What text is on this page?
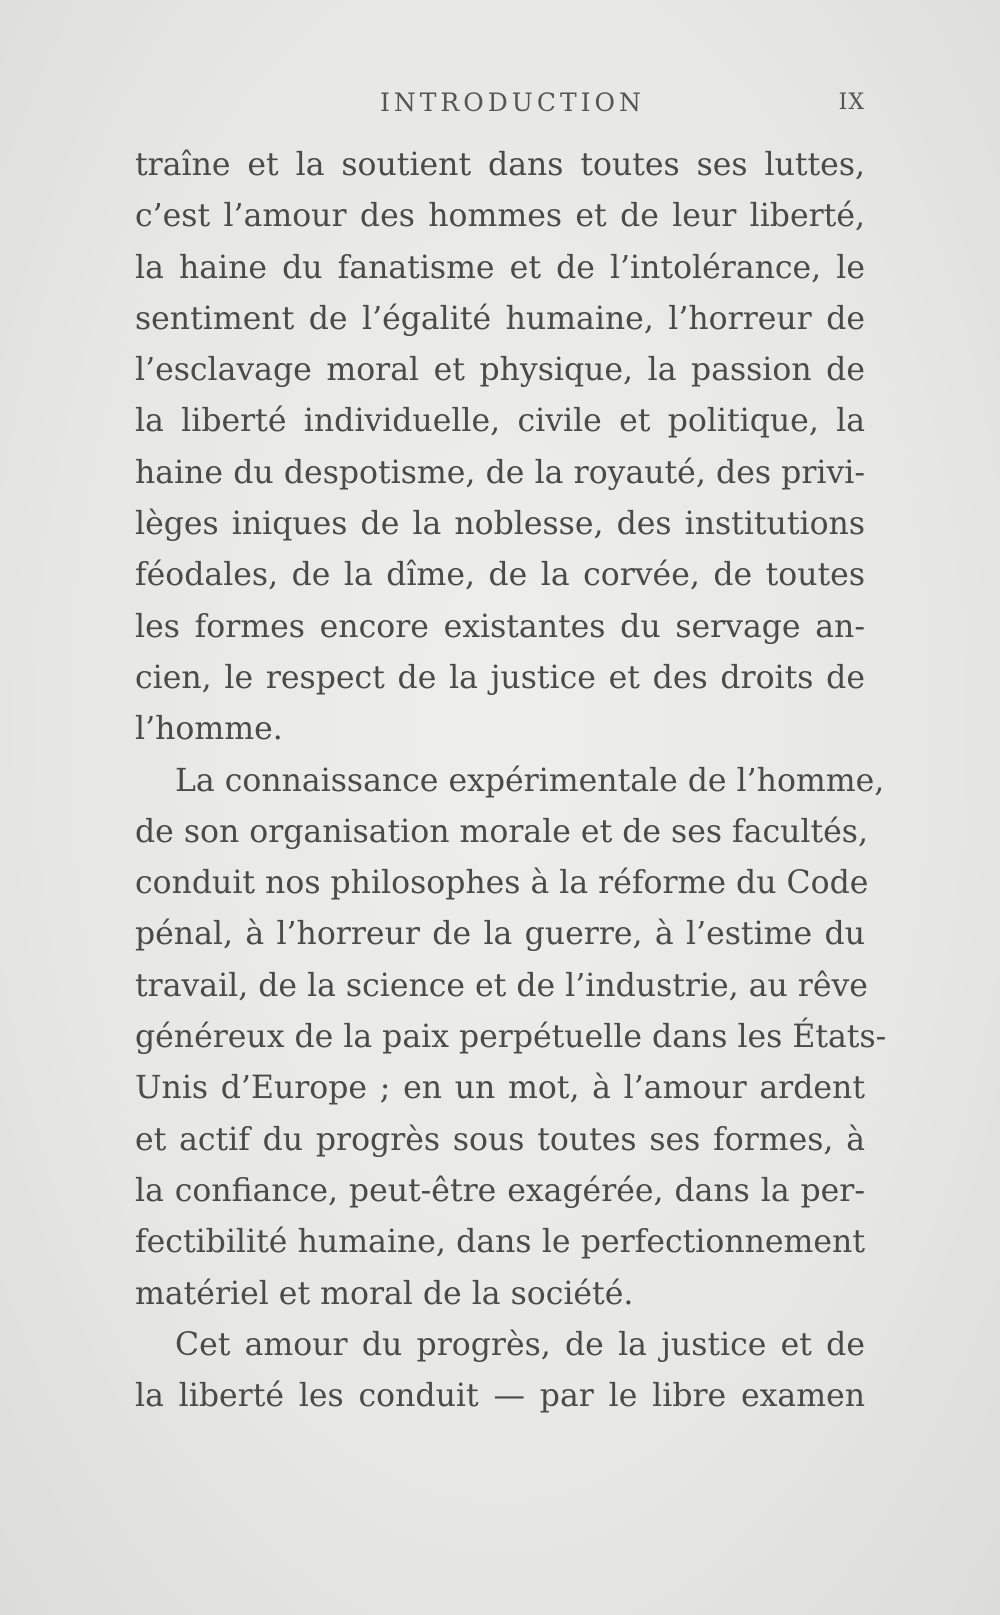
INTRODUCTION	IX
traîne et la soutient dans toutes ses luttes,
c’est l’amour des hommes et de leur liberté,
la haine du fanatisme et de l’intolérance, le
sentiment de l’égalité humaine, l’horreur de
l’esclavage moral et physique, la passion de
la liberté individuelle, civile et politique, la
haine du despotisme, de la royauté, des privi-
lèges iniques de la noblesse, des institutions
féodales, de la dîme, de la corvée, de toutes
les formes encore existantes du servage an-
cien, le respect de la justice et des droits de
l’homme.
La connaissance expérimentale de l’homme,
de son organisation morale et de ses facultés,
conduit nos philosophes à la réforme du Code
pénal, à l’horreur de la guerre, à l’estime du
travail, de la science et de l’industrie, au rêve
généreux de la paix perpétuelle dans les États-
Unis d’Europe ; en un mot, à l’amour ardent
et actif du progrès sous toutes ses formes, à
la confiance, peut-être exagérée, dans la per-
fectibilité humaine, dans le perfectionnement
matériel et moral de la société.
Cet amour du progrès, de la justice et de
la liberté les conduit — par le libre examen
